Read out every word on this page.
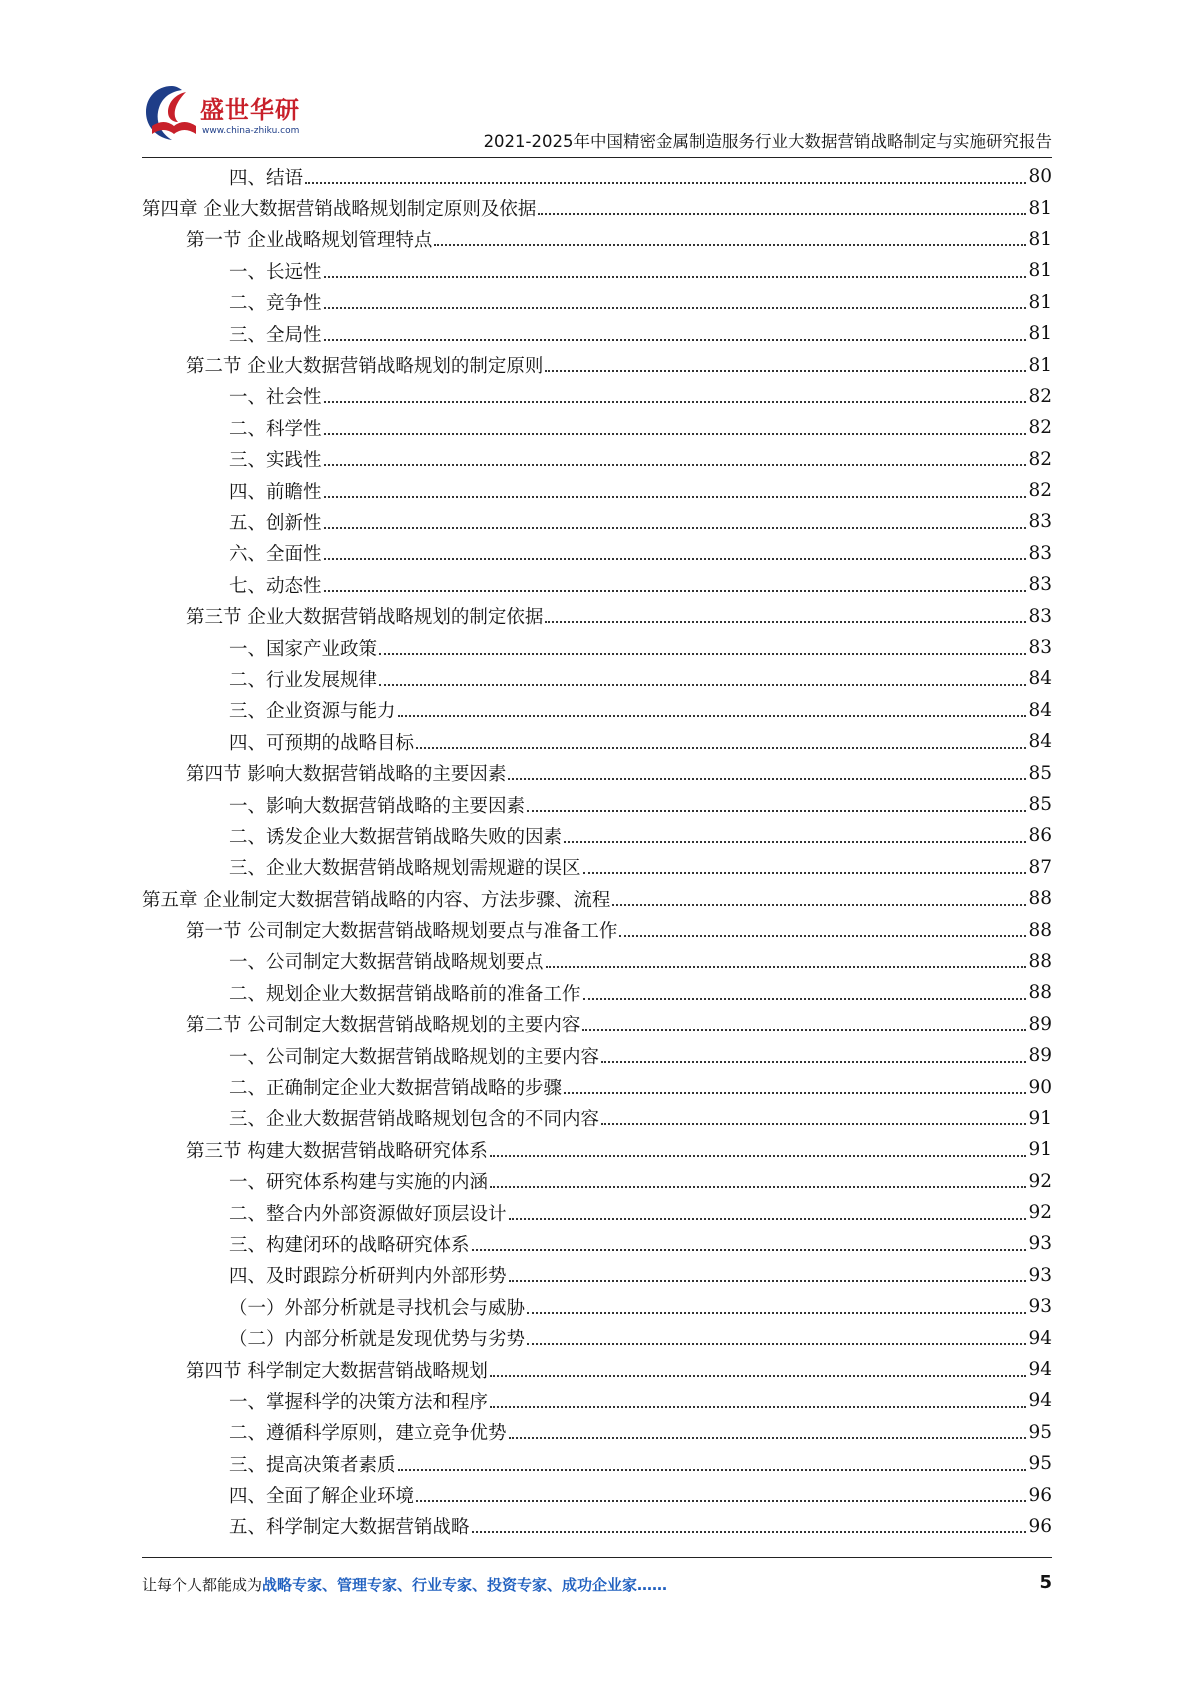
盛世华研
www.china-zhiku.com
2021-2025年中国精密金属制造服务行业大数据营销战略制定与实施研究报告
四、结语	80
第四章 企业大数据营销战略规划制定原则及依据	81
第一节 企业战略规划管理特点	81
一、长远性	81
二、竞争性	81
三、全局性	81
第二节 企业大数据营销战略规划的制定原则	81
一、社会性	82
二、科学性	82
三、实践性	82
四、前瞻性	82
五、创新性	83
六、全面性	83
七、动态性	83
第三节 企业大数据营销战略规划的制定依据	83
一、国家产业政策	83
二、行业发展规律	84
三、企业资源与能力	84
四、可预期的战略目标	84
第四节 影响大数据营销战略的主要因素	85
一、影响大数据营销战略的主要因素	85
二、诱发企业大数据营销战略失败的因素	86
三、企业大数据营销战略规划需规避的误区	87
第五章 企业制定大数据营销战略的内容、方法步骤、流程	88
第一节 公司制定大数据营销战略规划要点与准备工作	88
一、公司制定大数据营销战略规划要点	88
二、规划企业大数据营销战略前的准备工作	88
第二节 公司制定大数据营销战略规划的主要内容	89
一、公司制定大数据营销战略规划的主要内容	89
二、正确制定企业大数据营销战略的步骤	90
三、企业大数据营销战略规划包含的不同内容	91
第三节 构建大数据营销战略研究体系	91
一、研究体系构建与实施的内涵	92
二、整合内外部资源做好顶层设计	92
三、构建闭环的战略研究体系	93
四、及时跟踪分析研判内外部形势	93
（一）外部分析就是寻找机会与威胁	93
（二）内部分析就是发现优势与劣势	94
第四节 科学制定大数据营销战略规划	94
一、掌握科学的决策方法和程序	94
二、遵循科学原则，建立竞争优势	95
三、提高决策者素质	95
四、全面了解企业环境	96
五、科学制定大数据营销战略	96
让每个人都能成为战略专家、管理专家、行业专家、投资专家、成功企业家……	5
